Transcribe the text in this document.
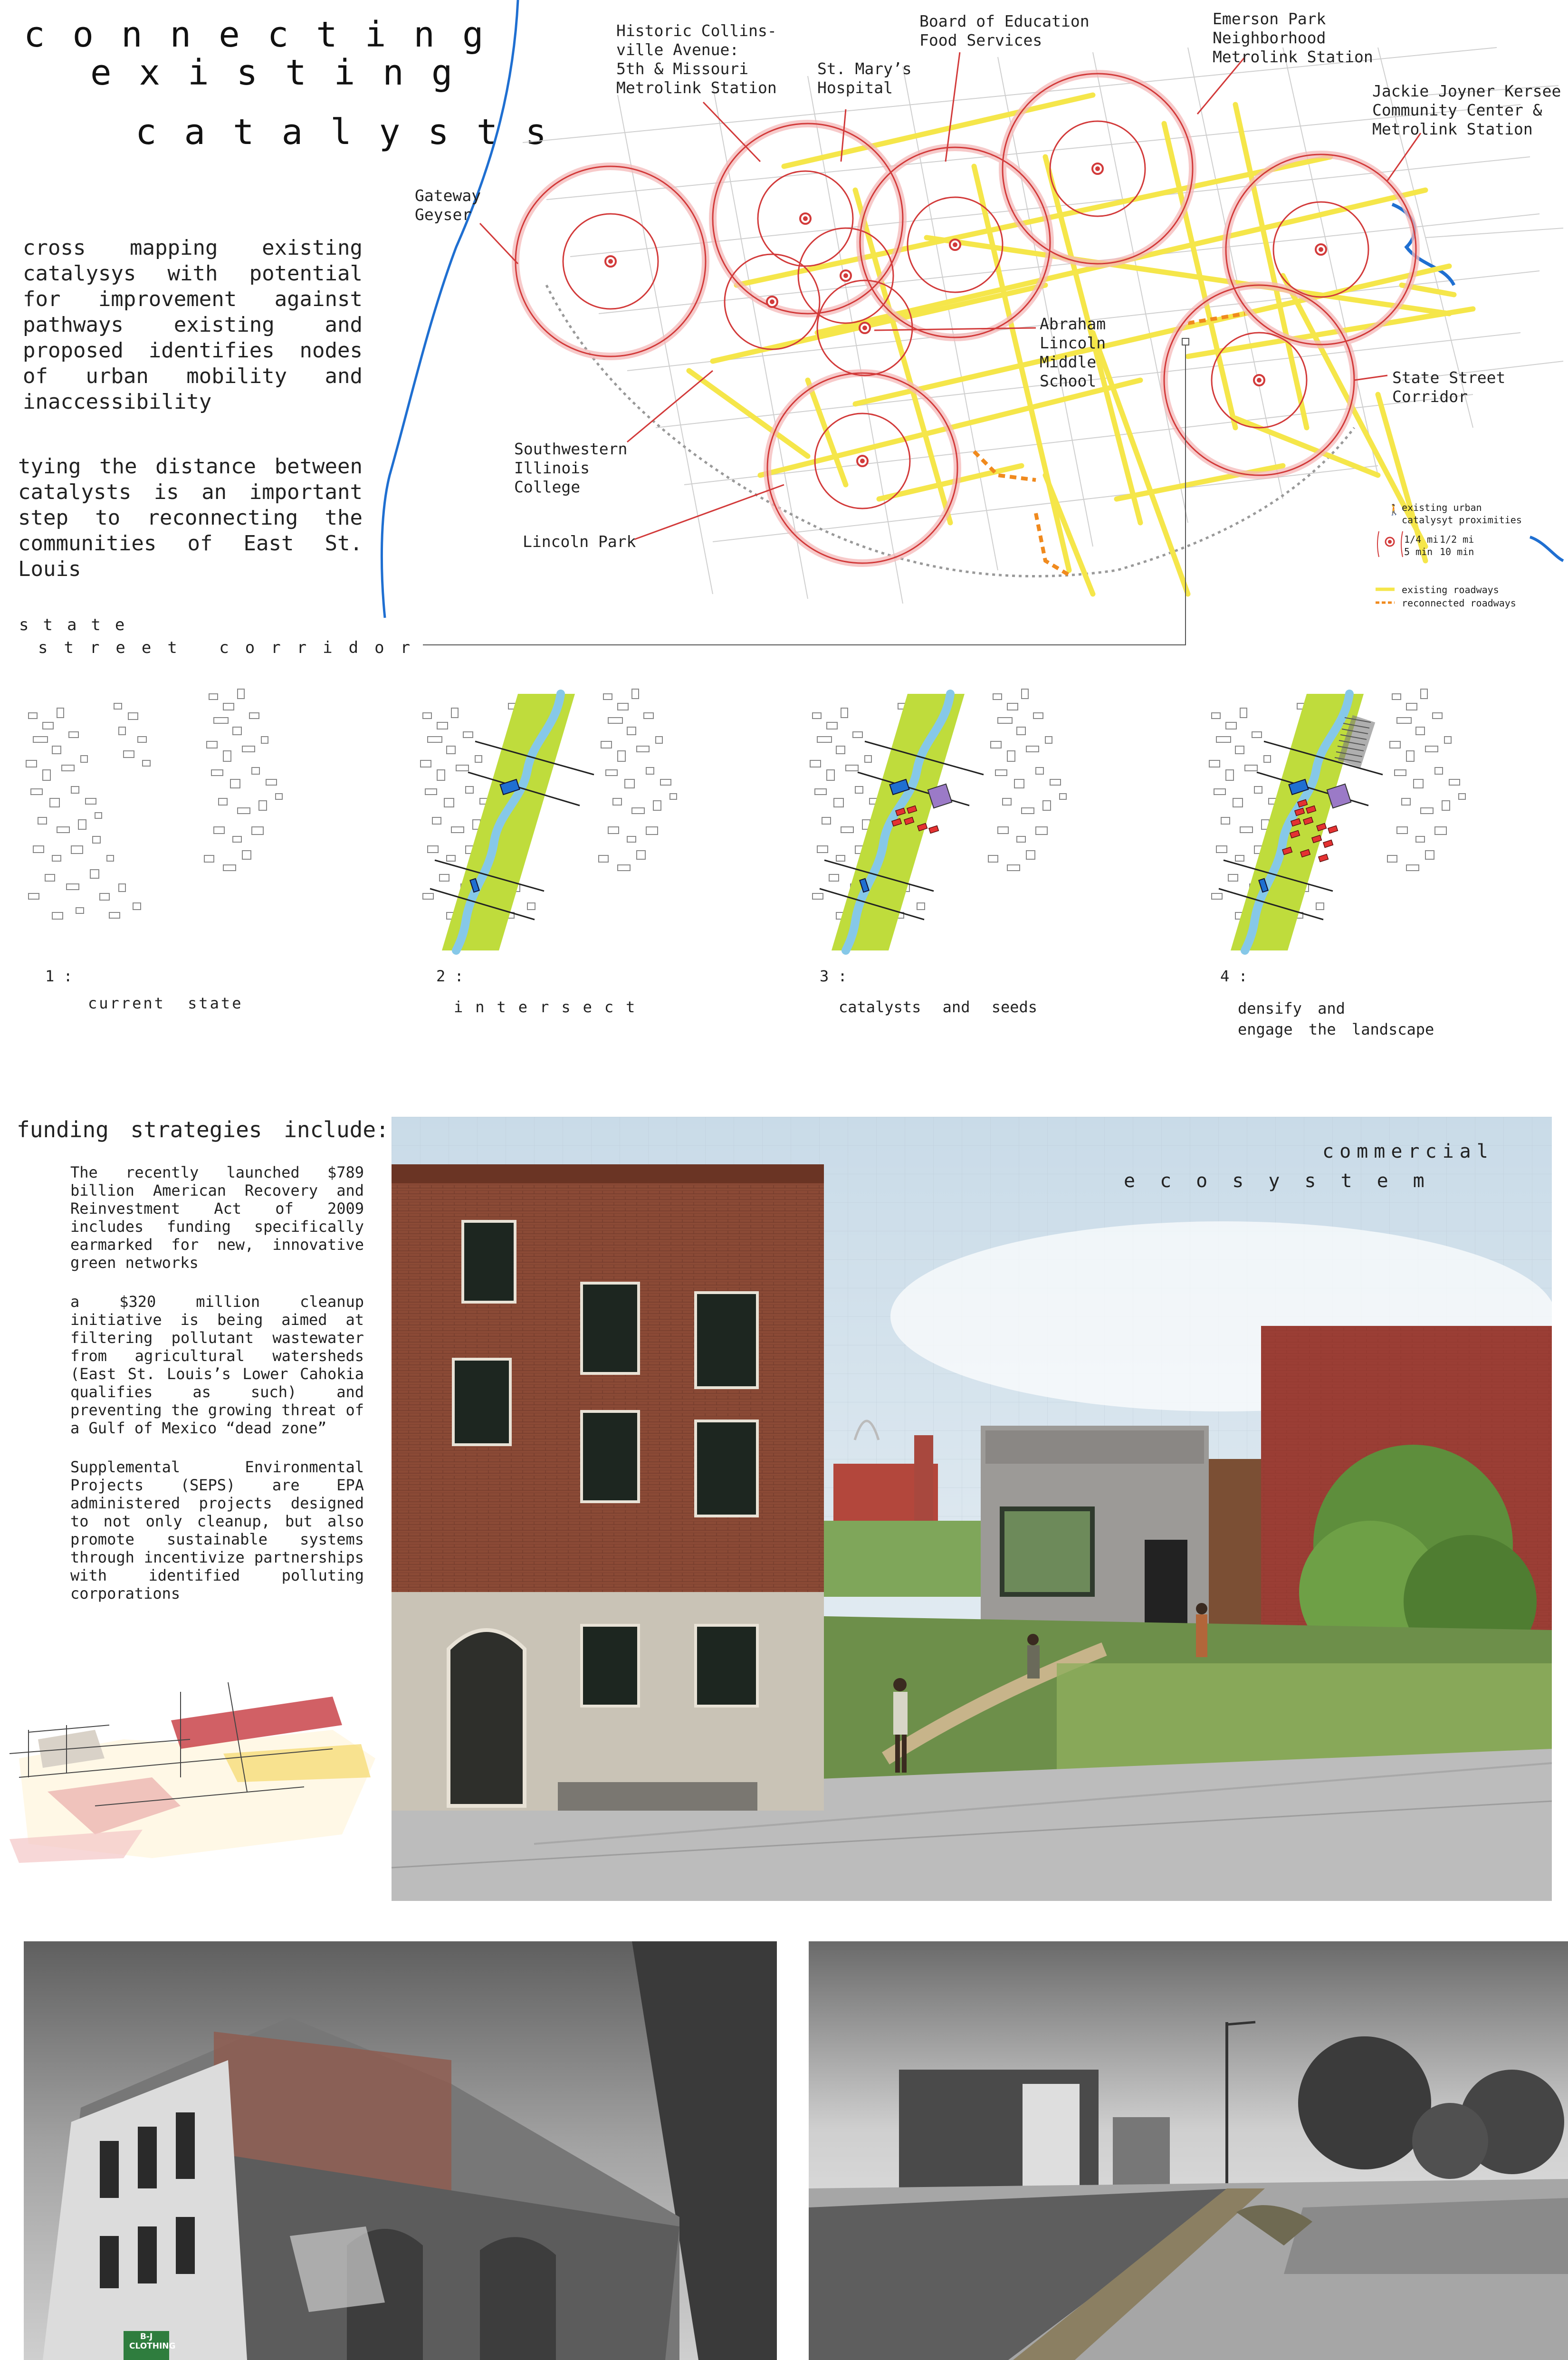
connecting
existing
catalysts
cross mapping existing catalysys with potential for improvement against pathways existing and proposed identifies nodes of urban mobility and inaccessibility
tying the distance between catalysts is an important step to reconnecting the communities of East St. Louis
🚶
Gateway
Geyser
Historic Collins-
ville Avenue:
5th & Missouri
Metrolink Station
St. Mary’s
Hospital
Board of Education
Food Services
Emerson Park
Neighborhood
Metrolink Station
Jackie Joyner Kersee
Community Center &
Metrolink Station
Abraham
Lincoln
Middle
School	State Street
Corridor
Southwestern
Illinois
College
Lincoln Park
existing urban
catalysyt proximities
1/4 mi
5 min
1/2 mi
10 min
existing roadways
reconnected roadways
state
street corridor
1 :
current state
2 :
intersect
3 :
catalysts and seeds
4 :
densify and
engage the landscape
funding strategies include:

The recently launched $789 billion American Recovery and Reinvestment Act of 2009 includes funding specifically earmarked for new, innovative green networks

a $320 million cleanup initiative is being aimed at filtering pollutant wastewater from agricultural watersheds (East St. Louis’s Lower Cahokia qualifies as such) and preventing the growing threat of a Gulf of Mexico “dead zone”

Supplemental Environmental Projects (SEPS) are EPA administered projects designed to not only cleanup, but also promote sustainable systems through incentivize partnerships with identified polluting corporations

commercial
ecosystem
B-J
CLOTHING
